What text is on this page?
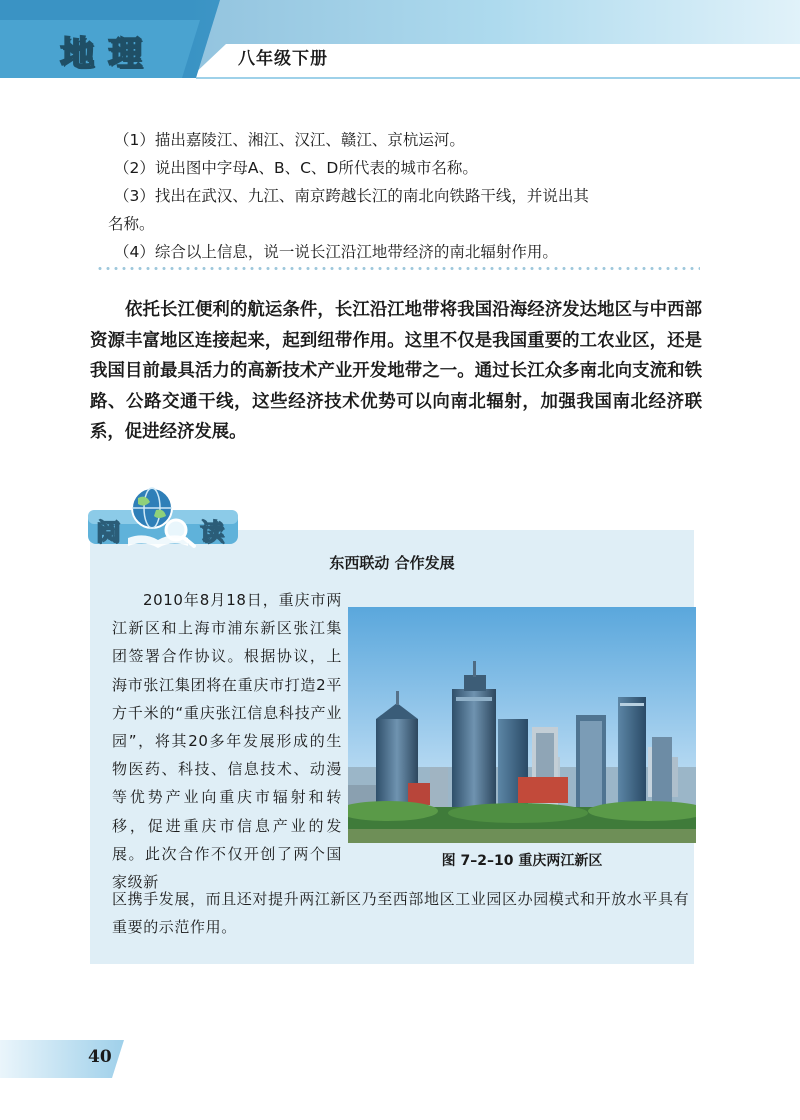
地理	八年级下册

（1）描出嘉陵江、湘江、汉江、赣江、京杭运河。

（2）说出图中字母A、B、C、D所代表的城市名称。

（3）找出在武汉、九江、南京跨越长江的南北向铁路干线，并说出其

名称。

（4）综合以上信息，说一说长江沿江地带经济的南北辐射作用。

依托长江便利的航运条件，长江沿江地带将我国沿海经济发达地区与中西部资源丰富地区连接起来，起到纽带作用。这里不仅是我国重要的工农业区，还是我国目前最具活力的高新技术产业开发地带之一。通过长江众多南北向支流和铁路、公路交通干线，这些经济技术优势可以向南北辐射，加强我国南北经济联系，促进经济发展。

阅	读

东西联动 合作发展

2010年8月18日，重庆市两江新区和上海市浦东新区张江集团签署合作协议。根据协议，上海市张江集团将在重庆市打造2平方千米的“重庆张江信息科技产业园”，将其20多年发展形成的生物医药、科技、信息技术、动漫等优势产业向重庆市辐射和转移，促进重庆市信息产业的发展。此次合作不仅开创了两个国家级新

图 7–2–10 重庆两江新区

区携手发展，而且还对提升两江新区乃至西部地区工业园区办园模式和开放水平具有重要的示范作用。

40
